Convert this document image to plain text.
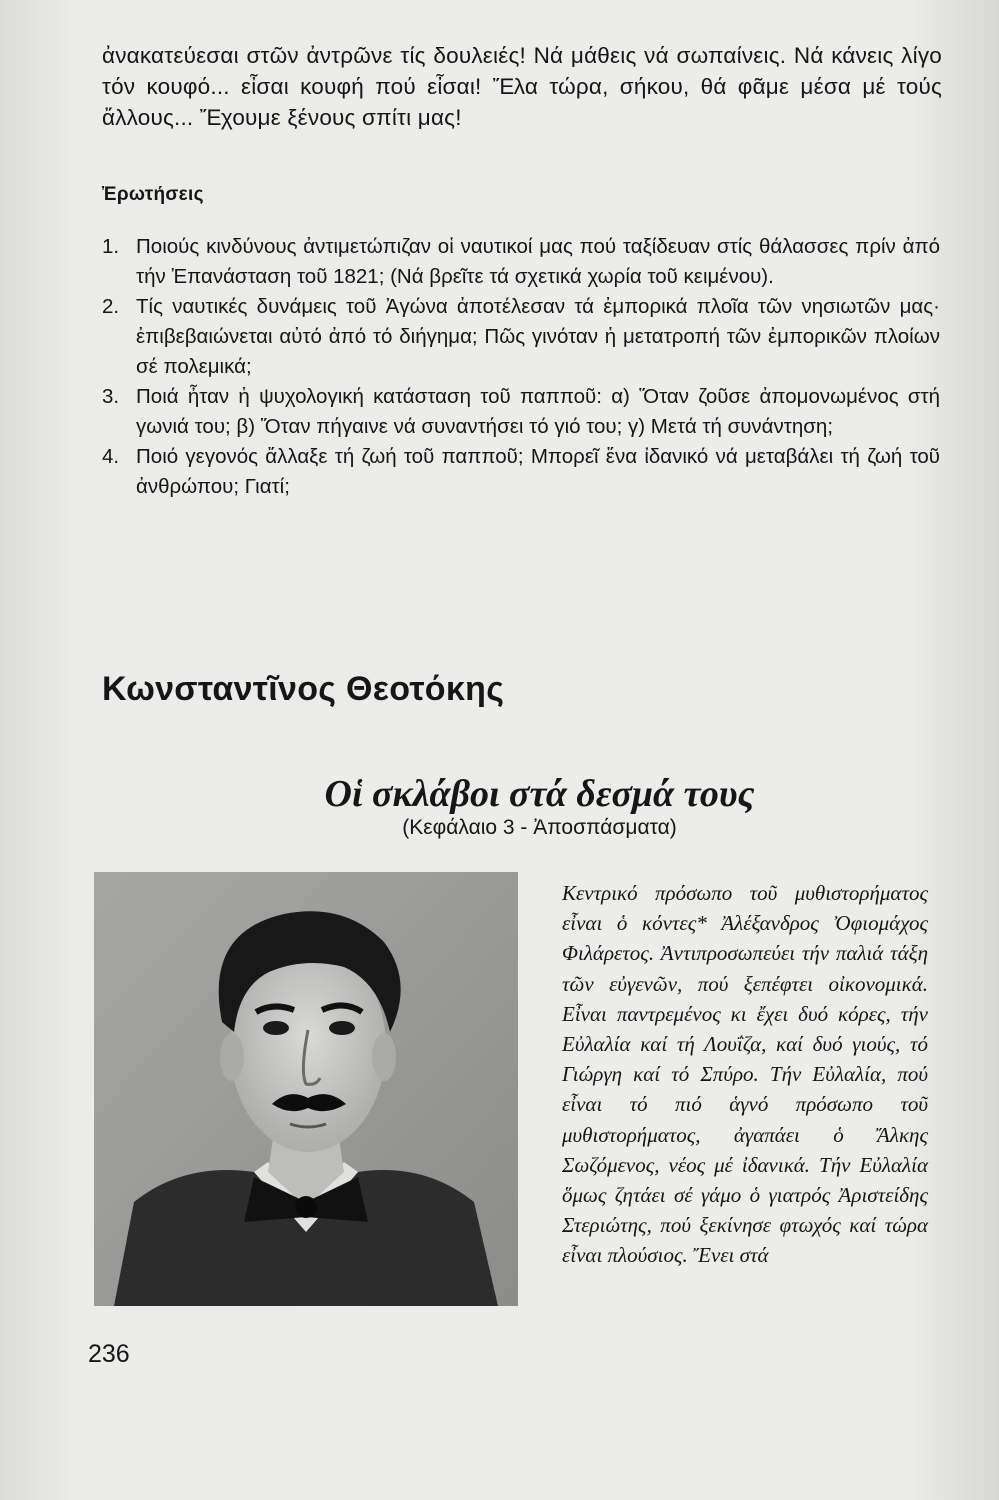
ἀνακατεύεσαι στῶν ἀντρῶνε τίς δουλειές! Νά μάθεις νά σωπαίνεις. Νά κάνεις λίγο τόν κουφό... εἶσαι κουφή πού εἶσαι! Ἔλα τώρα, σήκου, θά φᾶμε μέσα μέ τούς ἄλλους... Ἔχουμε ξένους σπίτι μας!

Ἐρωτήσεις
1. Ποιούς κινδύνους ἀντιμετώπιζαν οἱ ναυτικοί μας πού ταξίδευαν στίς θάλασσες πρίν ἀπό τήν Ἐπανάσταση τοῦ 1821; (Νά βρεῖτε τά σχετικά χωρία τοῦ κειμένου).
2. Τίς ναυτικές δυνάμεις τοῦ Ἀγώνα ἀποτέλεσαν τά ἐμπορικά πλοῖα τῶν νησιωτῶν μας· ἐπιβεβαιώνεται αὐτό ἀπό τό διήγημα; Πῶς γινόταν ἡ μετατροπή τῶν ἐμπορικῶν πλοίων σέ πολεμικά;
3. Ποιά ἦταν ἡ ψυχολογική κατάσταση τοῦ παπποῦ: α) Ὅταν ζοῦσε ἀπομονωμένος στή γωνιά του; β) Ὅταν πήγαινε νά συναντήσει τό γιό του; γ) Μετά τή συνάντηση;
4. Ποιό γεγονός ἄλλαξε τή ζωή τοῦ παπποῦ; Μπορεῖ ἕνα ἰδανικό νά μεταβάλει τή ζωή τοῦ ἀνθρώπου; Γιατί;
Κωνσταντῖνος Θεοτόκης
Οἱ σκλάβοι στά δεσμά τους
(Κεφάλαιο 3 - Ἀποσπάσματα)

Κεντρικό πρόσωπο τοῦ μυθιστορήματος εἶναι ὁ κόντες* Ἀλέξανδρος Ὀφιομάχος Φιλάρετος. Ἀντιπροσωπεύει τήν παλιά τάξη τῶν εὐγενῶν, πού ξεπέφτει οἰκονομικά. Εἶναι παντρεμένος κι ἔχει δυό κόρες, τήν Εὐλαλία καί τή Λουΐζα, καί δυό γιούς, τό Γιώργη καί τό Σπύρο. Τήν Εὐλαλία, πού εἶναι τό πιό ἁγνό πρόσωπο τοῦ μυθιστορήματος, ἀγαπάει ὁ Ἄλκης Σωζόμενος, νέος μέ ἰδανικά. Τήν Εὐλαλία ὅμως ζητάει σέ γάμο ὁ γιατρός Ἀριστείδης Στεριώτης, πού ξεκίνησε φτωχός καί τώρα εἶναι πλούσιος. Ἔνει στά

236
